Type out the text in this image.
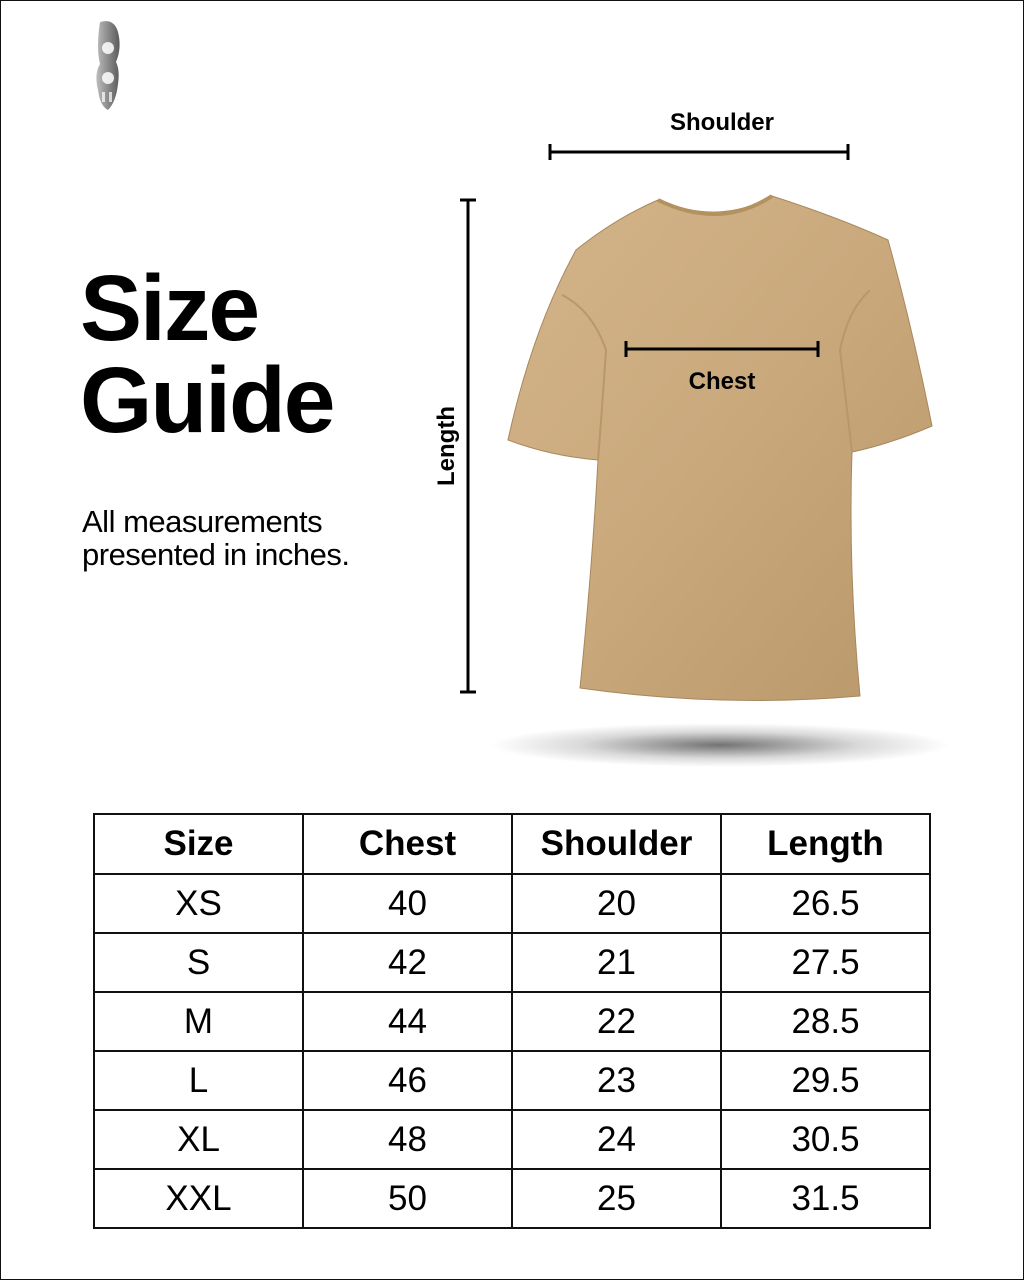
Size
Guide

All measurements presented in inches.

Shoulder
Chest
Length
Size	Chest	Shoulder	Length
XS	40	20	26.5
S	42	21	27.5
M	44	22	28.5
L	46	23	29.5
XL	48	24	30.5
XXL	50	25	31.5
